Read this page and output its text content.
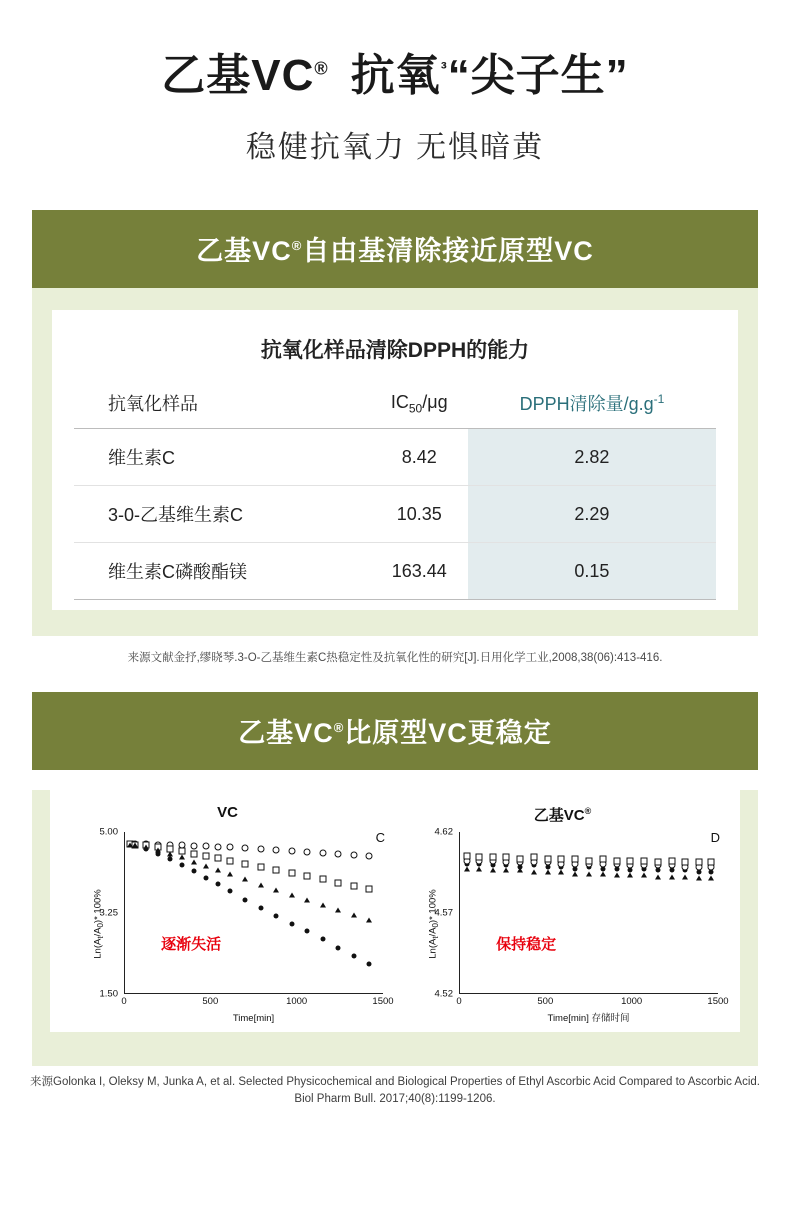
乙基VC® 抗氧$^{^3}$“尖子生”
稳健抗氧力 无惧暗黄
乙基VC®自由基清除接近原型VC
抗氧化样品清除DPPH的能力
抗氧化样品	$IC_{50}/\mu g$	DPPH清除量$/g.g^{-1}$
维生素C	8.42	2.82
3-0-乙基维生素C	10.35	2.29
维生素C磷酸酯镁	163.44	0.15
来源文献金抒,缪晓琴.3-O-乙基维生素C热稳定性及抗氧化性的研究[J].日用化学工业,2008,38(06):413-416.
乙基VC®比原型VC更稳定
VC
C
$Ln(A_t/A_0)*$ 100%
1.50
3.25
5.00
逐渐失活
0	500	1000	1500
Time[min]
乙基VC®
D
$Ln(A_t/A_0)*$ 100%
4.52
4.57
4.62
保持稳定
0	500	1000	1500
Time[min] 存储时间
来源Golonka I, Oleksy M, Junka A, et al. Selected Physicochemical and Biological Properties of Ethyl Ascorbic Acid Compared to Ascorbic Acid. Biol Pharm Bull. 2017;40(8):1199-1206.
